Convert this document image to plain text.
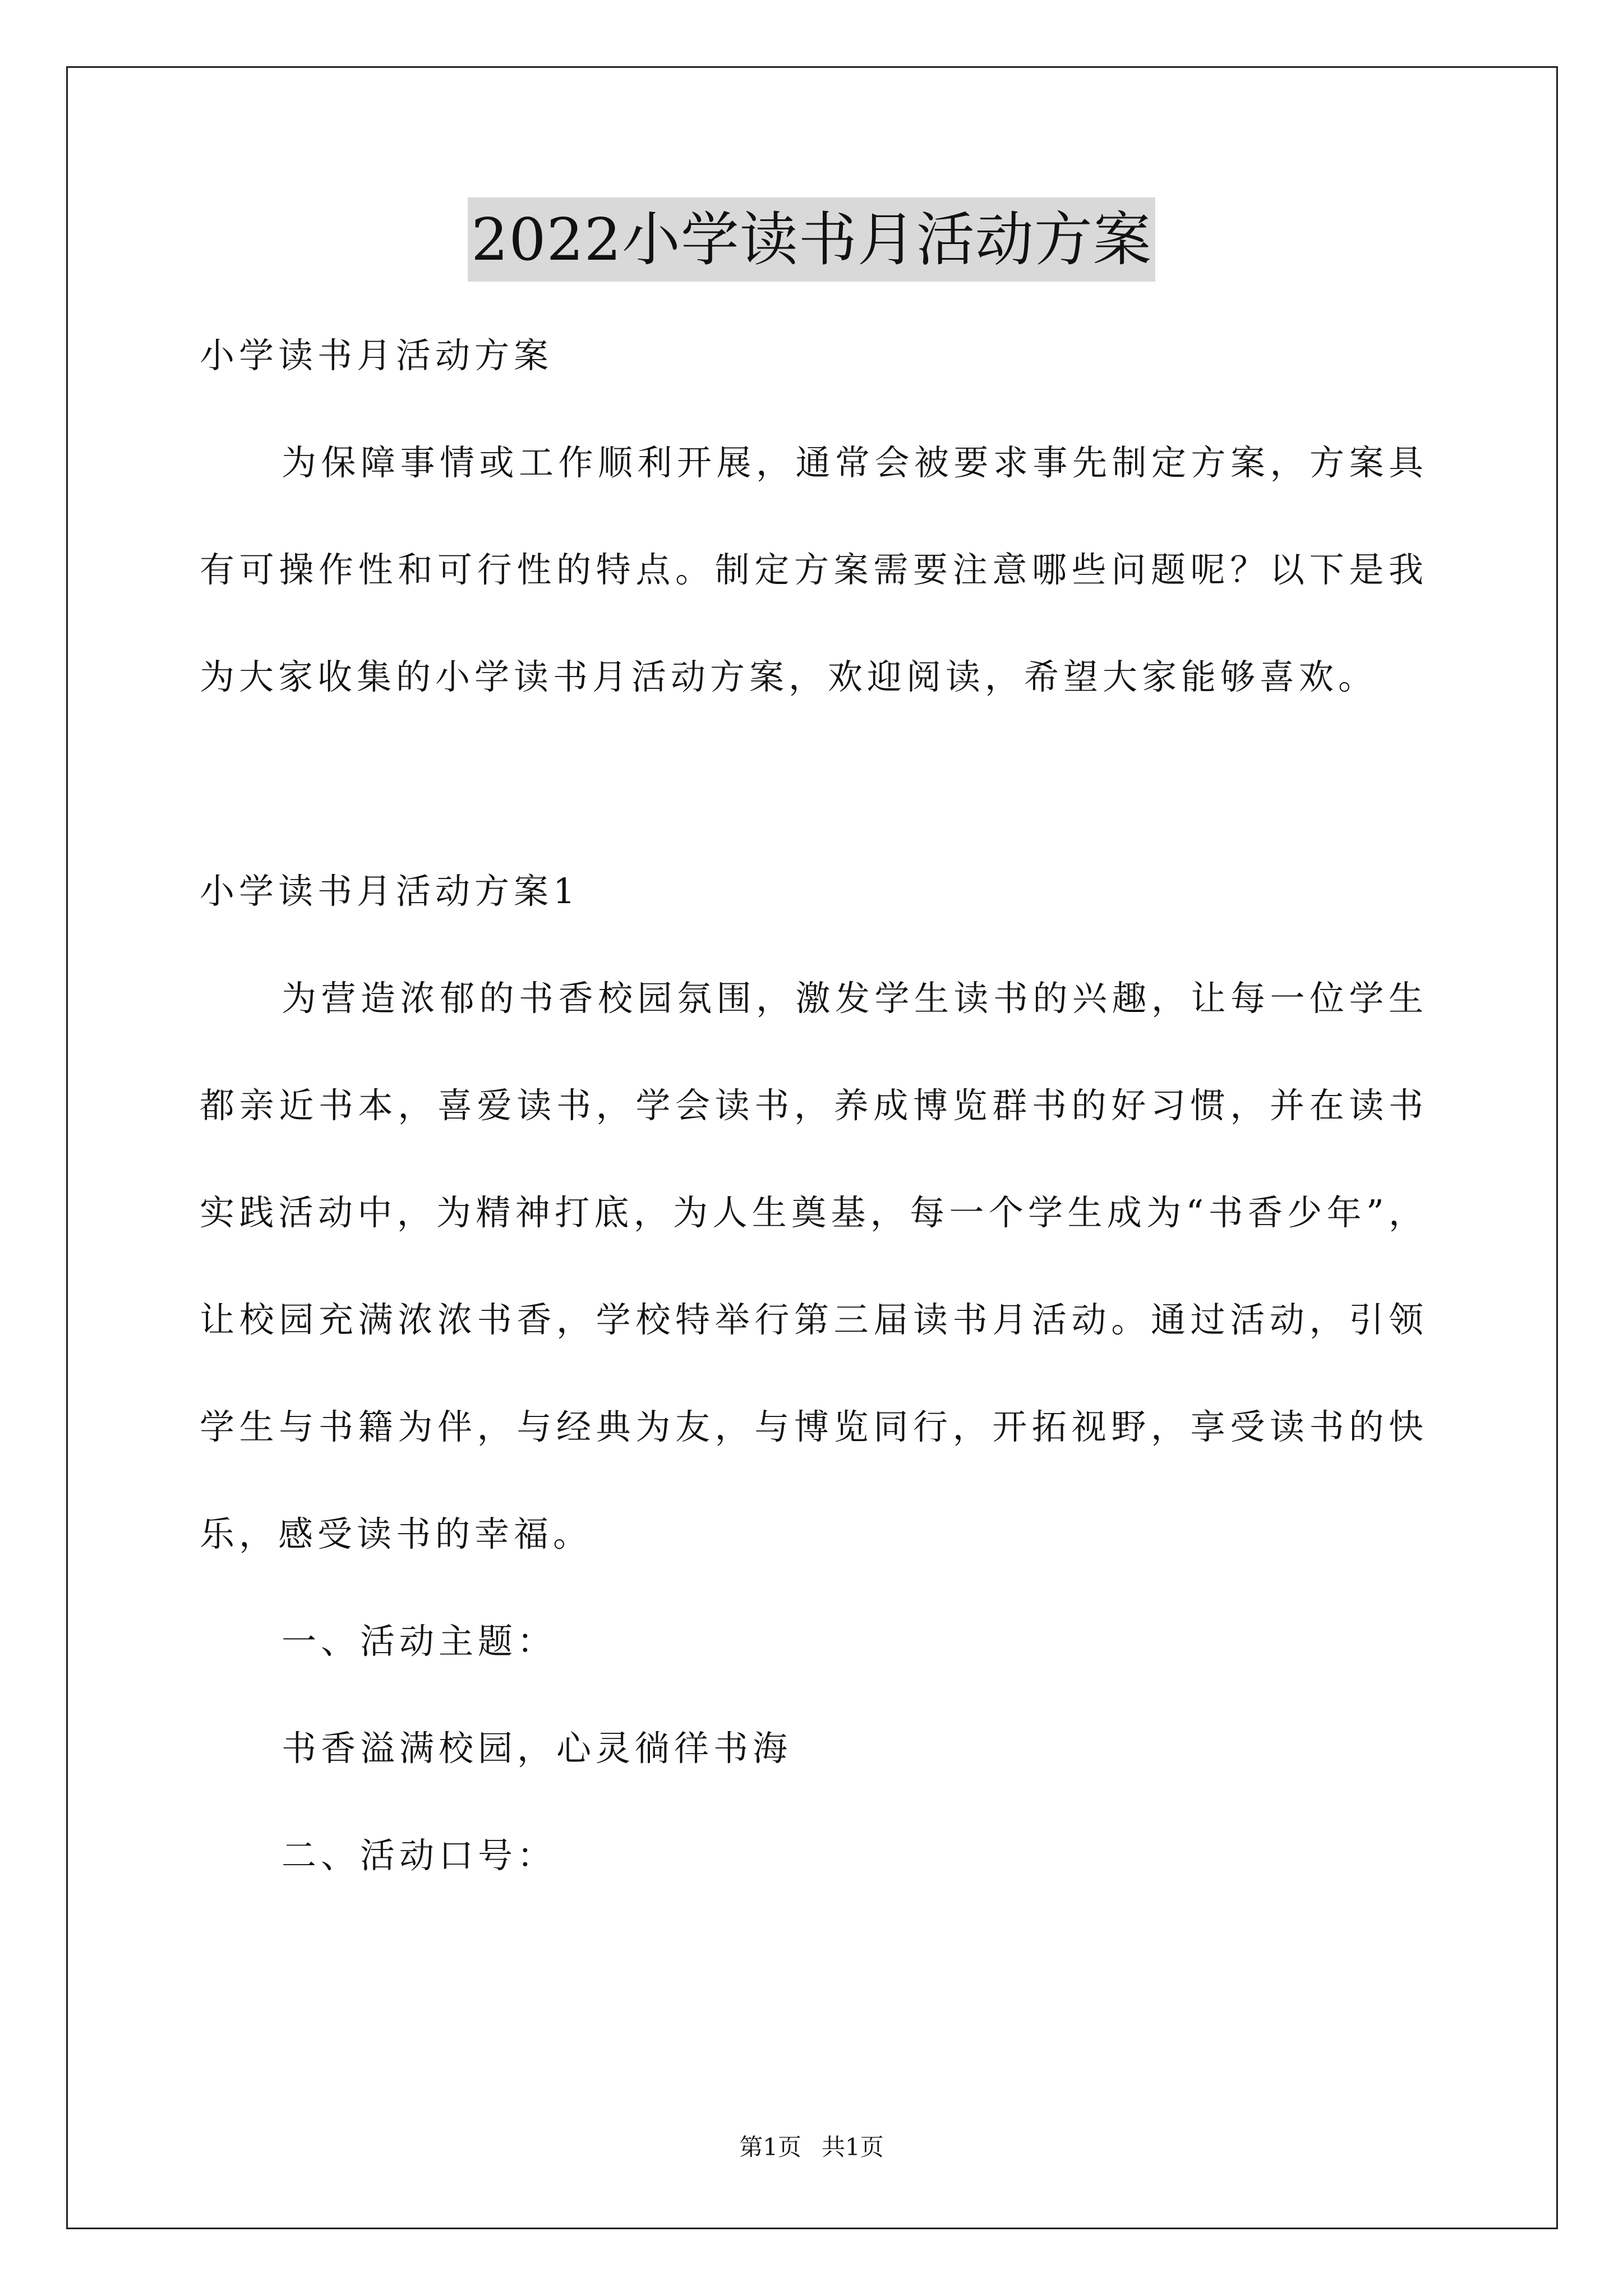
2022小学读书月活动方案
小学读书月活动方案

为保障事情或工作顺利开展，通常会被要求事先制定方案，方案具有可操作性和可行性的特点。制定方案需要注意哪些问题呢？以下是我为大家收集的小学读书月活动方案，欢迎阅读，希望大家能够喜欢。

小学读书月活动方案1

为营造浓郁的书香校园氛围，激发学生读书的兴趣，让每一位学生都亲近书本，喜爱读书，学会读书，养成博览群书的好习惯，并在读书实践活动中，为精神打底，为人生奠基，每一个学生成为“书香少年”，让校园充满浓浓书香，学校特举行第三届读书月活动。通过活动，引领学生与书籍为伴，与经典为友，与博览同行，开拓视野，享受读书的快乐，感受读书的幸福。

一、活动主题：
书香溢满校园，心灵徜徉书海
二、活动口号：
第1页 共1页
